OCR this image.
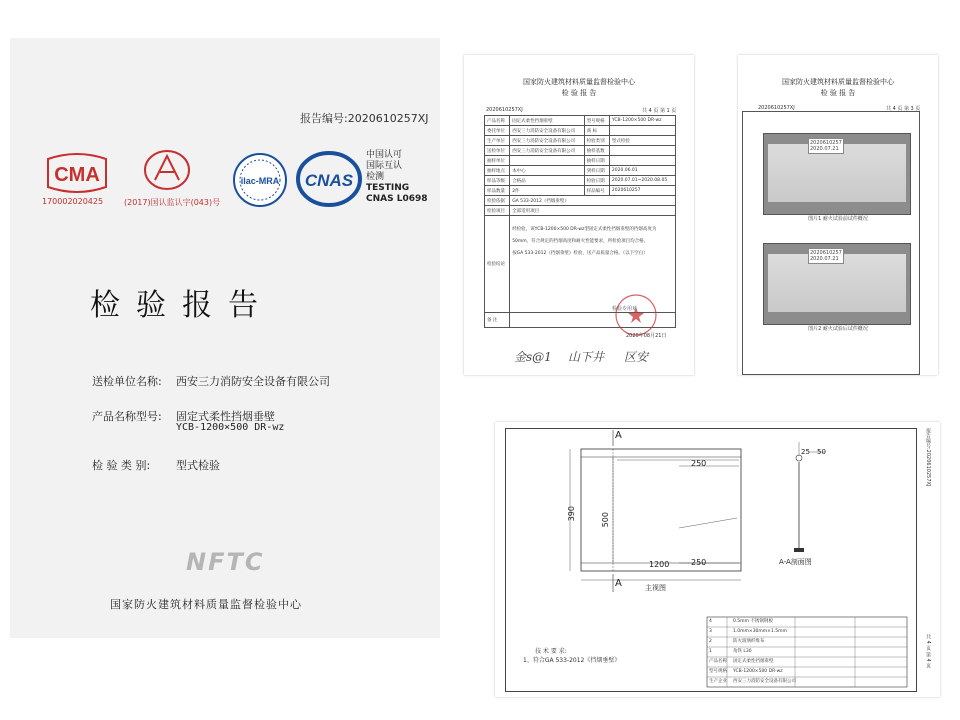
报告编号:2020610257XJ
CMA
170002020425	(2017)国认监认字(043)号
ilac-MRA CNAS
中国认可
国际互认
检测
TESTING
CNAS L0698
检验报告
送检单位名称: 西安三力消防安全设备有限公司
产品名称型号: 固定式柔性挡烟垂壁
YCB-1200×500 DR-wz
检 验 类 别: 型式检验
NFTC
国家防火建筑材料质量监督检验中心
国家防火建筑材料质量监督检验中心
检 验 报 告
2020610257XJ	共 4 页 第 1 页
产品名称	固定式柔性挡烟垂壁	型号规格	YCB-1200×500 DR-wz
委托单位	西安三力消防安全设备有限公司	商 标	
生产单位	西安三力消防安全设备有限公司	检验类别	型式检验
送检单位	西安三力消防安全设备有限公司	抽样基数	
抽样单位		抽样日期	
抽样地点	本中心	到样日期	2020.06.01
样品等级	合格品	检验日期	2020.07.01~2020.08.05
样品数量	2件	样品编号	2020610257
检验依据	GA 533-2012《挡烟垂壁》		
检验项目	全部适用项目		
检验结论	经检验，该YCB-1200×500 DR-wz型固定式柔性挡烟垂壁的挡烟高度为
50mm，符合规定的挡烟高度和耐火性能要求，所检验项目均合格。
按GA 533-2012《挡烟垂壁》检验，送产品质量合格。（以下空白）		

备 注			
检验专用章
2020年08月21日
金s@1 山下井 区安
国家防火建筑材料质量监督检验中心
检 验 报 告
2020610257XJ	共 4 页 第 3 页
2020610257
2020.07.21
图片1 耐火试验前试件概况
2020610257
2020.07.21
图片2 耐火试验后试件概况
390	500
250
250
1200
25 50
A
A	主视图
A-A剖面图
技 术 要 求:
1、符合GA 533-2012《挡烟垂壁》
4	0.5mm 不锈钢钢板
3	1.0mm×30mm×1.5mm
2	防火玻璃纤维布
1	角铁 L30
产品名称	固定式柔性挡烟垂壁
型号规格	YCB-1200×500 DR-wz
生产企业	西安三力消防安全设备有限公司
报告编号:2020610257XJ
共 4 页 第 4 页
